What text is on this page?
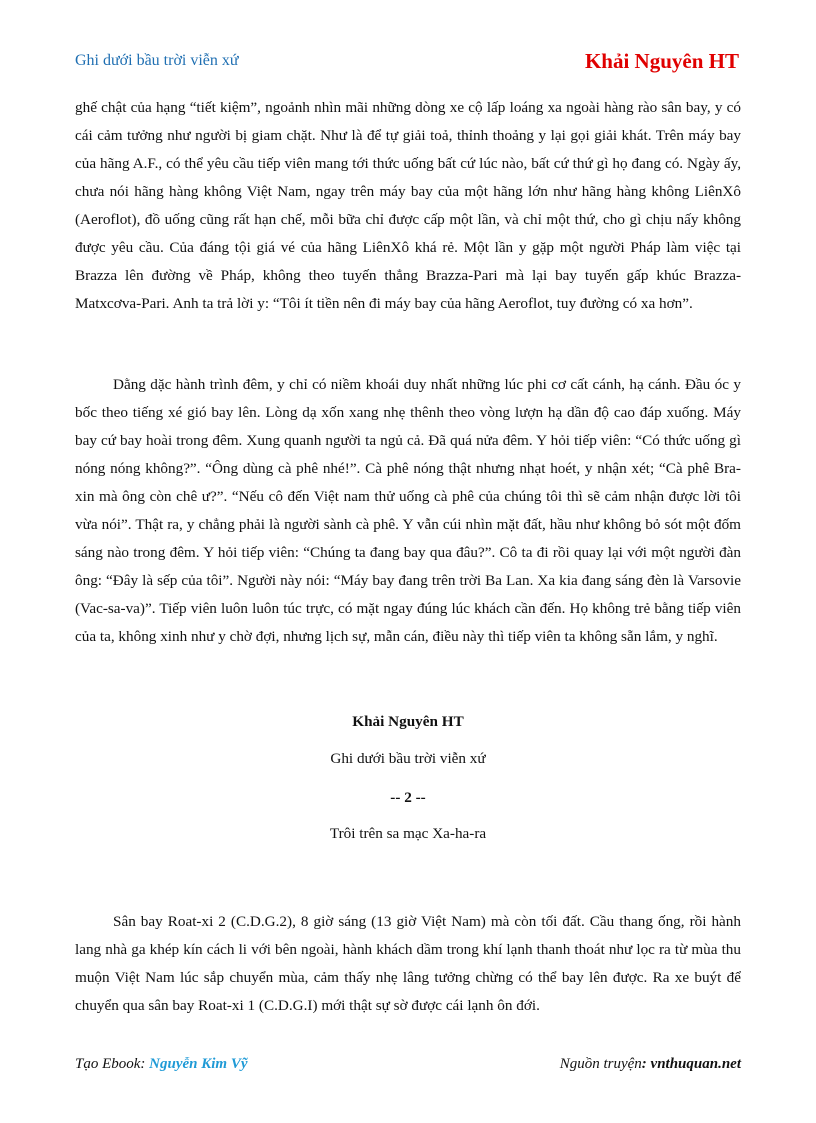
Ghi dưới bầu trời viễn xứ	Khải Nguyên HT

ghế chật của hạng “tiết kiệm”, ngoảnh nhìn mãi những dòng xe cộ lấp loáng xa ngoài hàng rào sân bay, y có cái cảm tưởng như người bị giam chặt. Như là để tự giải toả, thỉnh thoảng y lại gọi giải khát. Trên máy bay của hãng A.F., có thể yêu cầu tiếp viên mang tới thức uống bất cứ lúc nào, bất cứ thứ gì họ đang có. Ngày ấy, chưa nói hãng hàng không Việt Nam, ngay trên máy bay của một hãng lớn như hãng hàng không LiênXô (Aeroflot), đồ uống cũng rất hạn chế, mỗi bữa chỉ được cấp một lần, và chỉ một thứ, cho gì chịu nấy không được yêu cầu. Của đáng tội giá vé của hãng LiênXô khá rẻ. Một lần y gặp một người Pháp làm việc tại Brazza lên đường về Pháp, không theo tuyến thẳng Brazza-Pari mà lại bay tuyến gấp khúc Brazza-Matxcơva-Pari. Anh ta trả lời y: “Tôi ít tiền nên đi máy bay của hãng Aeroflot, tuy đường có xa hơn”.

Dằng dặc hành trình đêm, y chỉ có niềm khoái duy nhất những lúc phi cơ cất cánh, hạ cánh. Đầu óc y bốc theo tiếng xé gió bay lên. Lòng dạ xốn xang nhẹ thênh theo vòng lượn hạ dần độ cao đáp xuống. Máy bay cứ bay hoài trong đêm. Xung quanh người ta ngủ cả. Đã quá nửa đêm. Y hỏi tiếp viên: “Có thức uống gì nóng nóng không?”. “Ông dùng cà phê nhé!”. Cà phê nóng thật nhưng nhạt hoét, y nhận xét; “Cà phê Bra-xin mà ông còn chê ư?”. “Nếu cô đến Việt nam thử uống cà phê của chúng tôi thì sẽ cảm nhận được lời tôi vừa nói”. Thật ra, y chẳng phải là người sành cà phê. Y vẫn cúi nhìn mặt đất, hầu như không bỏ sót một đốm sáng nào trong đêm. Y hỏi tiếp viên: “Chúng ta đang bay qua đâu?”. Cô ta đi rồi quay lại với một người đàn ông: “Đây là sếp của tôi”. Người này nói: “Máy bay đang trên trời Ba Lan. Xa kia đang sáng đèn là Varsovie (Vac-sa-va)”. Tiếp viên luôn luôn túc trực, có mặt ngay đúng lúc khách cần đến. Họ không trẻ bằng tiếp viên của ta, không xinh như y chờ đợi, nhưng lịch sự, mẫn cán, điều này thì tiếp viên ta không sẵn lắm, y nghĩ.

Khải Nguyên HT
Ghi dưới bầu trời viễn xứ
-- 2 --
Trôi trên sa mạc Xa-ha-ra

Sân bay Roat-xi 2 (C.D.G.2), 8 giờ sáng (13 giờ Việt Nam) mà còn tối đất. Cầu thang ống, rồi hành lang nhà ga khép kín cách li với bên ngoài, hành khách dầm trong khí lạnh thanh thoát như lọc ra từ mùa thu muộn Việt Nam lúc sắp chuyển mùa, cảm thấy nhẹ lâng tưởng chừng có thể bay lên được. Ra xe buýt để chuyển qua sân bay Roat-xi 1 (C.D.G.I) mới thật sự sờ được cái lạnh ôn đới.

Tạo Ebook: Nguyễn Kim Vỹ	Nguồn truyện: vnthuquan.net
